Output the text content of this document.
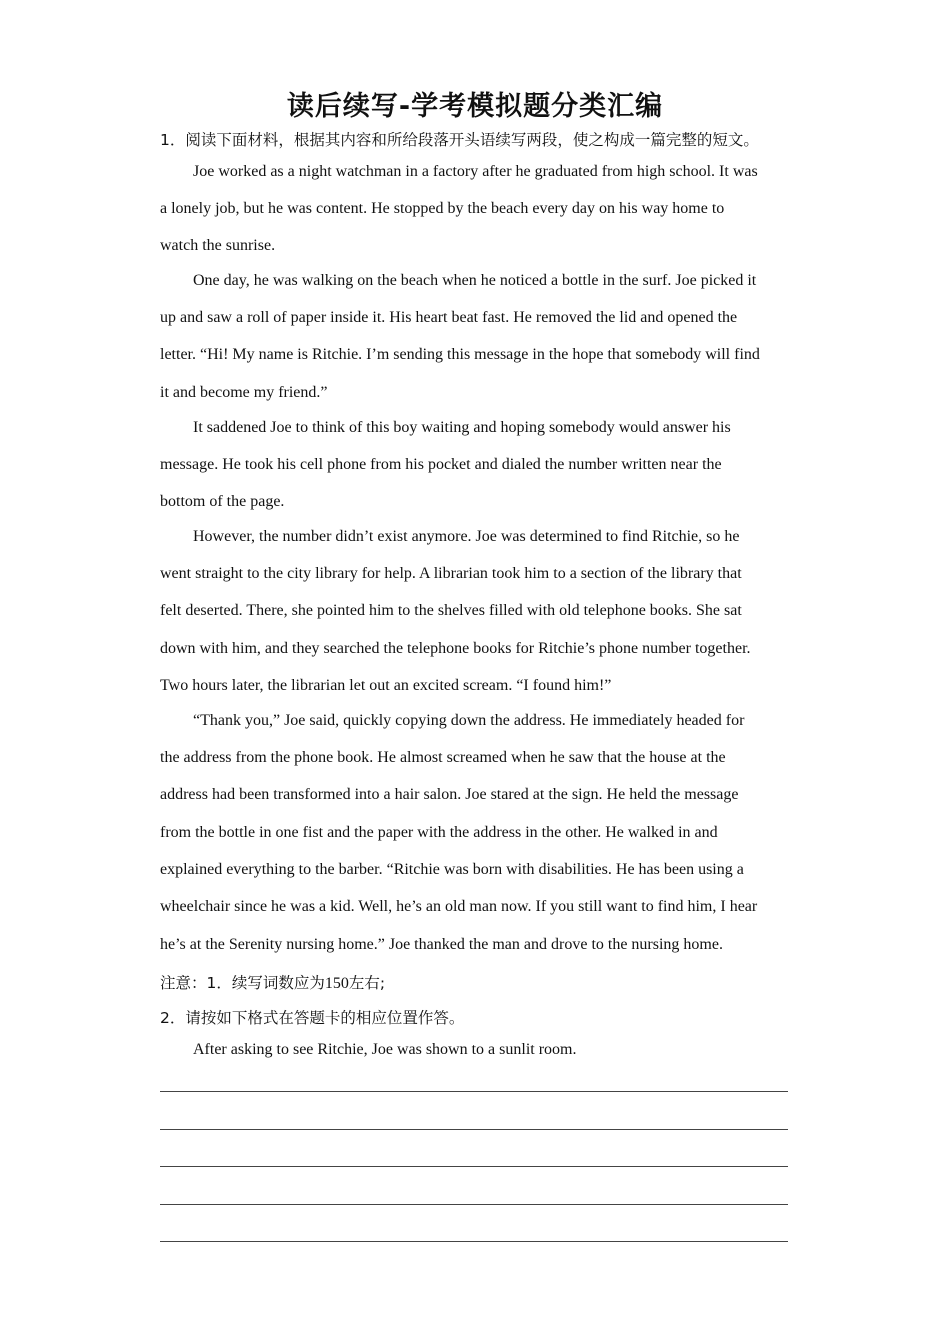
读后续写-学考模拟题分类汇编
1．阅读下面材料，根据其内容和所给段落开头语续写两段，使之构成一篇完整的短文。
Joe worked as a night watchman in a factory after he graduated from high school. It was
a lonely job, but he was content. He stopped by the beach every day on his way home to
watch the sunrise.
One day, he was walking on the beach when he noticed a bottle in the surf. Joe picked it
up and saw a roll of paper inside it. His heart beat fast. He removed the lid and opened the
letter. “Hi! My name is Ritchie. I’m sending this message in the hope that somebody will find
it and become my friend.”
It saddened Joe to think of this boy waiting and hoping somebody would answer his
message. He took his cell phone from his pocket and dialed the number written near the
bottom of the page.
However, the number didn’t exist anymore. Joe was determined to find Ritchie, so he
went straight to the city library for help. A librarian took him to a section of the library that
felt deserted. There, she pointed him to the shelves filled with old telephone books. She sat
down with him, and they searched the telephone books for Ritchie’s phone number together.
Two hours later, the librarian let out an excited scream. “I found him!”
“Thank you,” Joe said, quickly copying down the address. He immediately headed for
the address from the phone book. He almost screamed when he saw that the house at the
address had been transformed into a hair salon. Joe stared at the sign. He held the message
from the bottle in one fist and the paper with the address in the other. He walked in and
explained everything to the barber. “Ritchie was born with disabilities. He has been using a
wheelchair since he was a kid. Well, he’s an old man now. If you still want to find him, I hear
he’s at the Serenity nursing home.” Joe thanked the man and drove to the nursing home.
注意：1．续写词数应为150左右;
2．请按如下格式在答题卡的相应位置作答。
After asking to see Ritchie, Joe was shown to a sunlit room.
